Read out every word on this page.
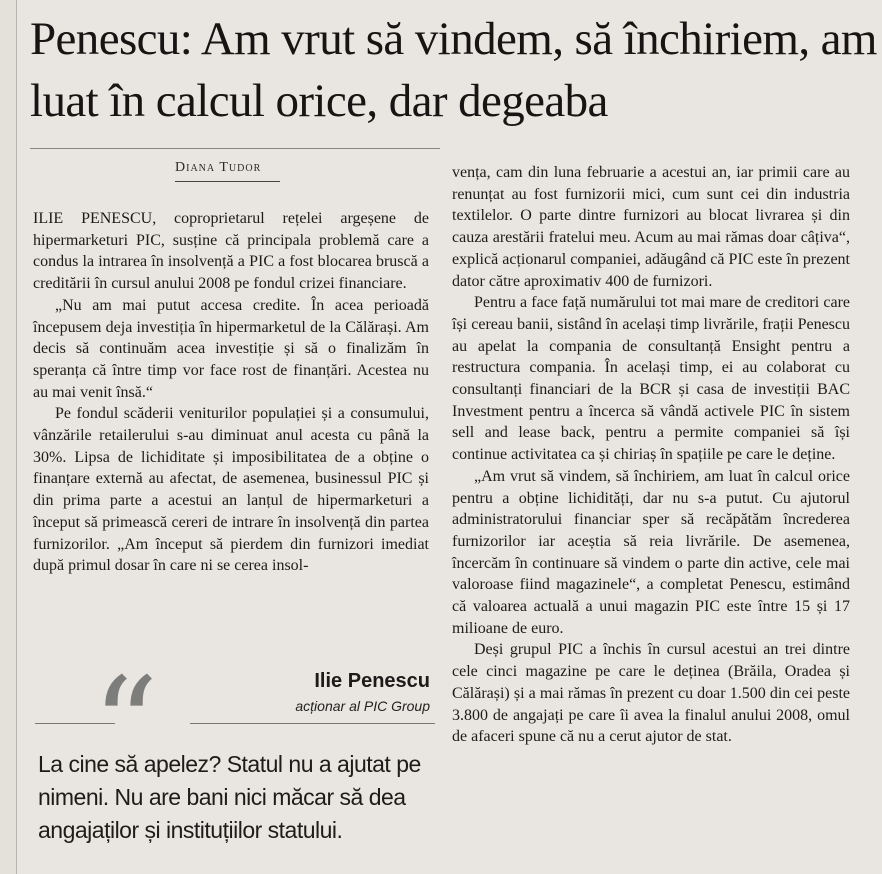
Penescu: Am vrut să vindem, să închiriem, am luat în calcul orice, dar degeaba

Diana Tudor

ILIE PENESCU, coproprietarul rețelei argeșene de hipermarketuri PIC, susține că principala problemă care a condus la intrarea în insolvență a PIC a fost blocarea bruscă a creditării în cursul anului 2008 pe fondul crizei financiare.

„Nu am mai putut accesa credite. În acea perioadă începusem deja investiția în hipermarketul de la Călărași. Am decis să continuăm acea investiție și să o finalizăm în speranța că între timp vor face rost de finanțări. Acestea nu au mai venit însă.“

Pe fondul scăderii veniturilor populației și a consumului, vânzările retailerului s-au diminuat anul acesta cu până la 30%. Lipsa de lichiditate și imposibilitatea de a obține o finanțare externă au afectat, de asemenea, businessul PIC și din prima parte a acestui an lanțul de hipermarketuri a început să primească cereri de intrare în insolvență din partea furnizorilor. „Am început să pierdem din furnizori imediat după primul dosar în care ni se cerea insol-

“	Ilie Penescu
acționar al PIC Group

La cine să apelez? Statul nu a ajutat pe nimeni. Nu are bani nici măcar să dea angajaților și instituțiilor statului.

vența, cam din luna februarie a acestui an, iar primii care au renunțat au fost furnizorii mici, cum sunt cei din industria textilelor. O parte dintre furnizori au blocat livrarea și din cauza arestării fratelui meu. Acum au mai rămas doar câțiva“, explică acționarul companiei, adăugând că PIC este în prezent dator către aproximativ 400 de furnizori.

Pentru a face față numărului tot mai mare de creditori care își cereau banii, sistând în același timp livrările, frații Penescu au apelat la compania de consultanță Ensight pentru a restructura compania. În același timp, ei au colaborat cu consultanți financiari de la BCR și casa de investiții BAC Investment pentru a încerca să vândă activele PIC în sistem sell and lease back, pentru a permite companiei să își continue activitatea ca și chiriaș în spațiile pe care le deține.

„Am vrut să vindem, să închiriem, am luat în calcul orice pentru a obține lichidități, dar nu s-a putut. Cu ajutorul administratorului financiar sper să recăpătăm încrederea furnizorilor iar aceștia să reia livrările. De asemenea, încercăm în continuare să vindem o parte din active, cele mai valoroase fiind magazinele“, a completat Penescu, estimând că valoarea actuală a unui magazin PIC este între 15 și 17 milioane de euro.

Deși grupul PIC a închis în cursul acestui an trei dintre cele cinci magazine pe care le deținea (Brăila, Oradea și Călărași) și a mai rămas în prezent cu doar 1.500 din cei peste 3.800 de angajați pe care îi avea la finalul anului 2008, omul de afaceri spune că nu a cerut ajutor de stat.
